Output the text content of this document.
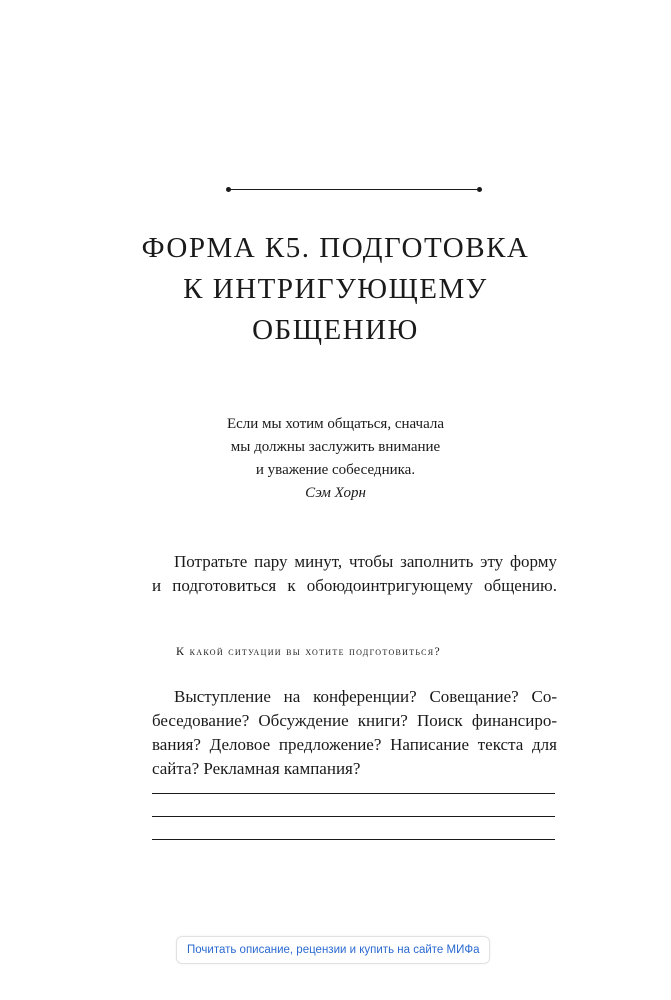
ФОРМА К5. ПОДГОТОВКА
К ИНТРИГУЮЩЕМУ
ОБЩЕНИЮ
Если мы хотим общаться, сначала
мы должны заслужить внимание
и уважение собеседника.
Сэм Хорн
Потратьте пару минут, чтобы заполнить эту форму
и подготовиться к обоюдоинтригующему общению.
К какой ситуации вы хотите подготовиться?
Выступление на конференции? Совещание? Со-
беседование? Обсуждение книги? Поиск финансиро-
вания? Деловое предложение? Написание текста для
сайта? Рекламная кампания?
Почитать описание, рецензии и купить на сайте МИФа
